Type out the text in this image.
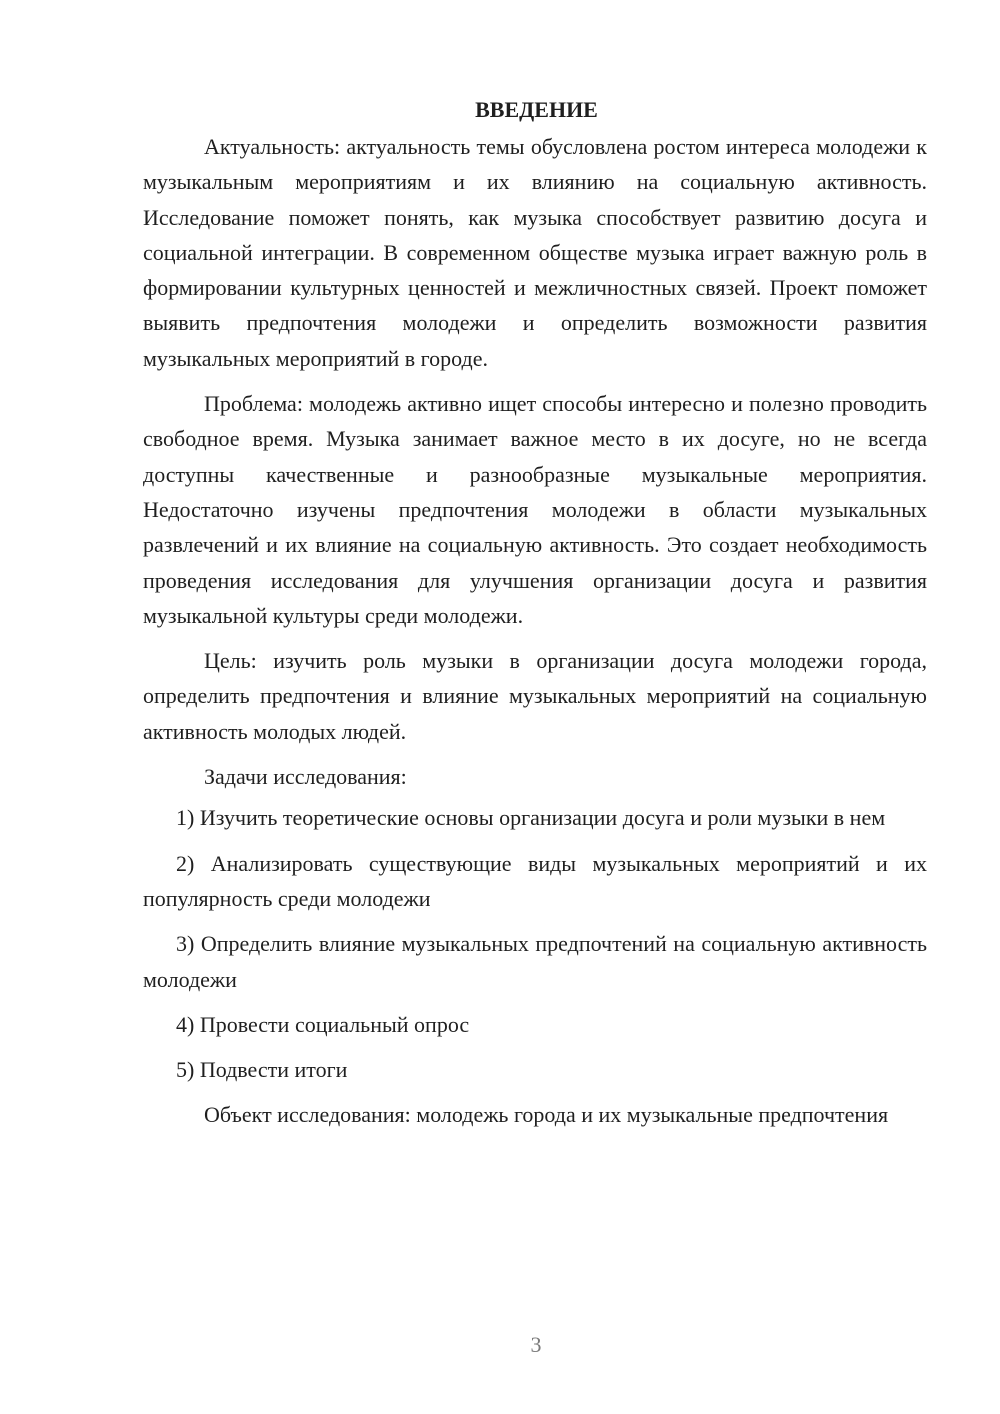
ВВЕДЕНИЕ

Актуальность: актуальность темы обусловлена ростом интереса молодежи к музыкальным мероприятиям и их влиянию на социальную активность. Исследование поможет понять, как музыка способствует развитию досуга и социальной интеграции. В современном обществе музыка играет важную роль в формировании культурных ценностей и межличностных связей. Проект поможет выявить предпочтения молодежи и определить возможности развития музыкальных мероприятий в городе.

Проблема: молодежь активно ищет способы интересно и полезно проводить свободное время. Музыка занимает важное место в их досуге, но не всегда доступны качественные и разнообразные музыкальные мероприятия. Недостаточно изучены предпочтения молодежи в области музыкальных развлечений и их влияние на социальную активность. Это создает необходимость проведения исследования для улучшения организации досуга и развития музыкальной культуры среди молодежи.

Цель: изучить роль музыки в организации досуга молодежи города, определить предпочтения и влияние музыкальных мероприятий на социальную активность молодых людей.

Задачи исследования:

1) Изучить теоретические основы организации досуга и роли музыки в нем

2) Анализировать существующие виды музыкальных мероприятий и их популярность среди молодежи

3) Определить влияние музыкальных предпочтений на социальную активность молодежи

4) Провести социальный опрос

5) Подвести итоги

Объект исследования: молодежь города и их музыкальные предпочтения

3
